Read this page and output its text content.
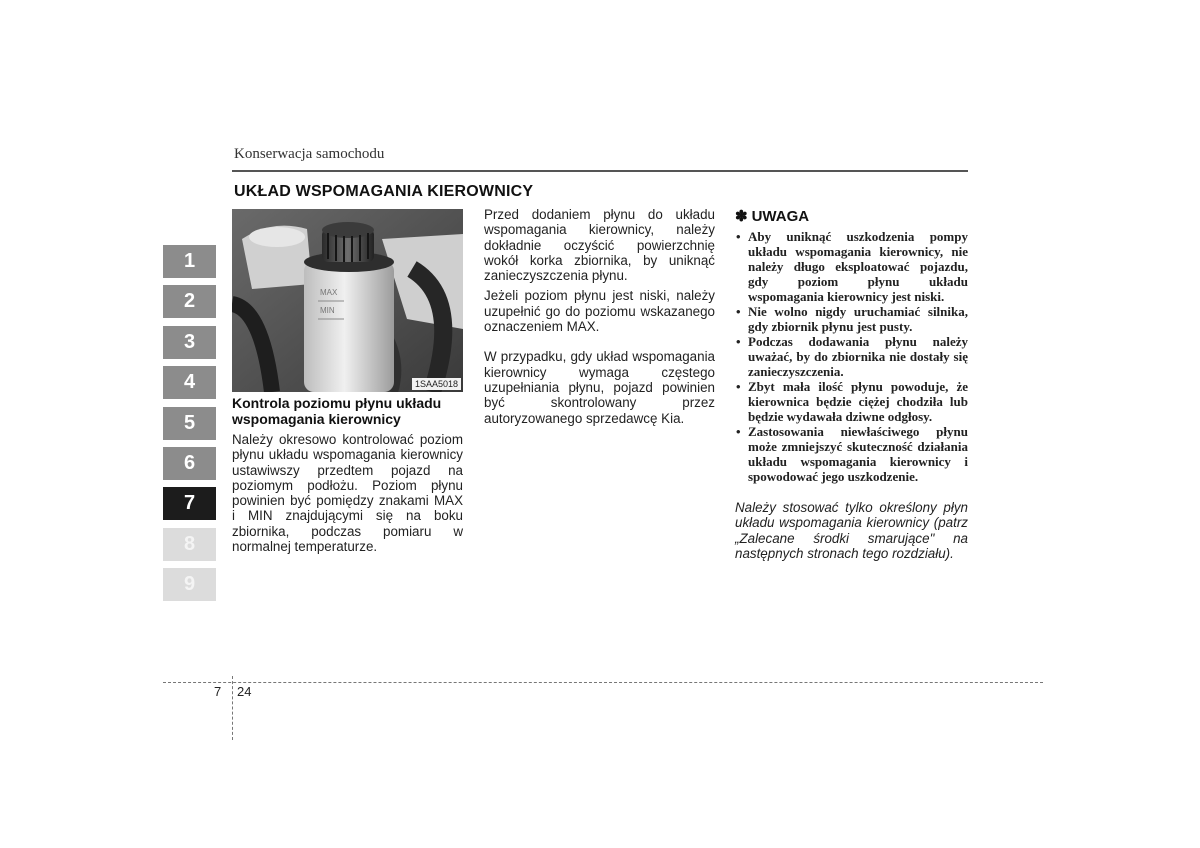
Konserwacja samochodu
UKŁAD WSPOMAGANIA KIEROWNICY
1
2
3
4
5
6
7
8
9
MAX
MIN
1SAA5018
Kontrola poziomu płynu układu wspomagania kierownicy

Należy okresowo kontrolować poziom płynu układu wspomagania kierownicy ustawiwszy przedtem pojazd na poziomym podłożu. Poziom płynu powinien być pomiędzy znakami MAX i MIN znajdującymi się na boku zbiornika, podczas pomiaru w normalnej temperaturze.

Przed dodaniem płynu do układu wspomagania kierownicy, należy dokładnie oczyścić powierzchnię wokół korka zbiornika, by uniknąć zanieczyszczenia płynu.

Jeżeli poziom płynu jest niski, należy uzupełnić go do poziomu wskazanego oznaczeniem MAX.

W przypadku, gdy układ wspomagania kierownicy wymaga częstego uzupełniania płynu, pojazd powinien być skontrolowany przez autoryzowanego sprzedawcę Kia.

✽ UWAGA
• Aby uniknąć uszkodzenia pompy układu wspomagania kierownicy, nie należy długo eksploatować pojazdu, gdy poziom płynu układu wspomagania kierownicy jest niski.
• Nie wolno nigdy uruchamiać silnika, gdy zbiornik płynu jest pusty.
• Podczas dodawania płynu należy uważać, by do zbiornika nie dostały się zanieczyszczenia.
• Zbyt mała ilość płynu powoduje, że kierownica będzie ciężej chodziła lub będzie wydawała dziwne odgłosy.
• Zastosowania niewłaściwego płynu może zmniejszyć skuteczność działania układu wspomagania kierownicy i spowodować jego uszkodzenie.

Należy stosować tylko określony płyn układu wspomagania kierownicy (patrz „Zalecane środki smarujące" na następnych stronach tego rozdziału).

7 24
